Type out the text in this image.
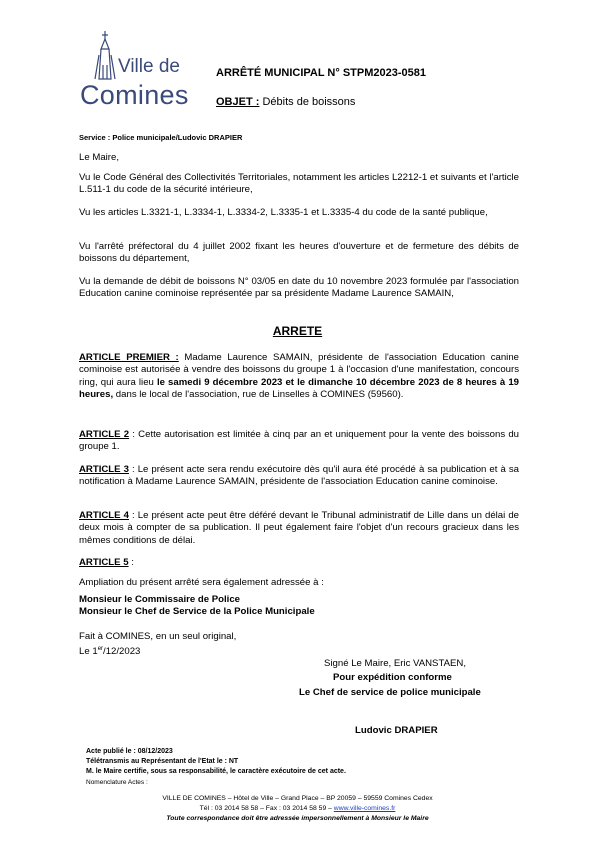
Ville de
Comines
ARRÊTÉ MUNICIPAL N° STPM2023-0581
OBJET : Débits de boissons
Service : Police municipale/Ludovic DRAPIER
Le Maire,
Vu le Code Général des Collectivités Territoriales, notamment les articles L2212-1 et suivants et l'article L.511-1 du code de la sécurité intérieure,
Vu les articles L.3321-1, L.3334-1, L.3334-2, L.3335-1 et L.3335-4 du code de la santé publique,
Vu l'arrêté préfectoral du 4 juillet 2002 fixant les heures d'ouverture et de fermeture des débits de boissons du département,
Vu la demande de débit de boissons N° 03/05 en date du 10 novembre 2023 formulée par l'association Education canine cominoise représentée par sa présidente Madame Laurence SAMAIN,
ARRETE
ARTICLE PREMIER : Madame Laurence SAMAIN, présidente de l'association Education canine cominoise est autorisée à vendre des boissons du groupe 1 à l'occasion d'une manifestation, concours ring, qui aura lieu le samedi 9 décembre 2023 et le dimanche 10 décembre 2023 de 8 heures à 19 heures, dans le local de l'association, rue de Linselles à COMINES (59560).
ARTICLE 2 : Cette autorisation est limitée à cinq par an et uniquement pour la vente des boissons du groupe 1.
ARTICLE 3 : Le présent acte sera rendu exécutoire dès qu'il aura été procédé à sa publication et à sa notification à Madame Laurence SAMAIN, présidente de l'association Education canine cominoise.
ARTICLE 4 : Le présent acte peut être déféré devant le Tribunal administratif de Lille dans un délai de deux mois à compter de sa publication. Il peut également faire l'objet d'un recours gracieux dans les mêmes conditions de délai.
ARTICLE 5 :
Ampliation du présent arrêté sera également adressée à :
Monsieur le Commissaire de Police
Monsieur le Chef de Service de la Police Municipale
Fait à COMINES, en un seul original,
Le 1er/12/2023
Signé Le Maire, Eric VANSTAEN,
Pour expédition conforme
Le Chef de service de police municipale
Ludovic DRAPIER
Acte publié le : 08/12/2023
Télétransmis au Représentant de l'Etat le : NT
M. le Maire certifie, sous sa responsabilité, le caractère exécutoire de cet acte.
Nomenclature Actes :
VILLE DE COMINES – Hôtel de Ville – Grand Place – BP 20059 – 59559 Comines Cedex
Tél : 03 2014 58 58 – Fax : 03 2014 58 59 – www.ville-comines.fr
Toute correspondance doit être adressée impersonnellement à Monsieur le Maire
